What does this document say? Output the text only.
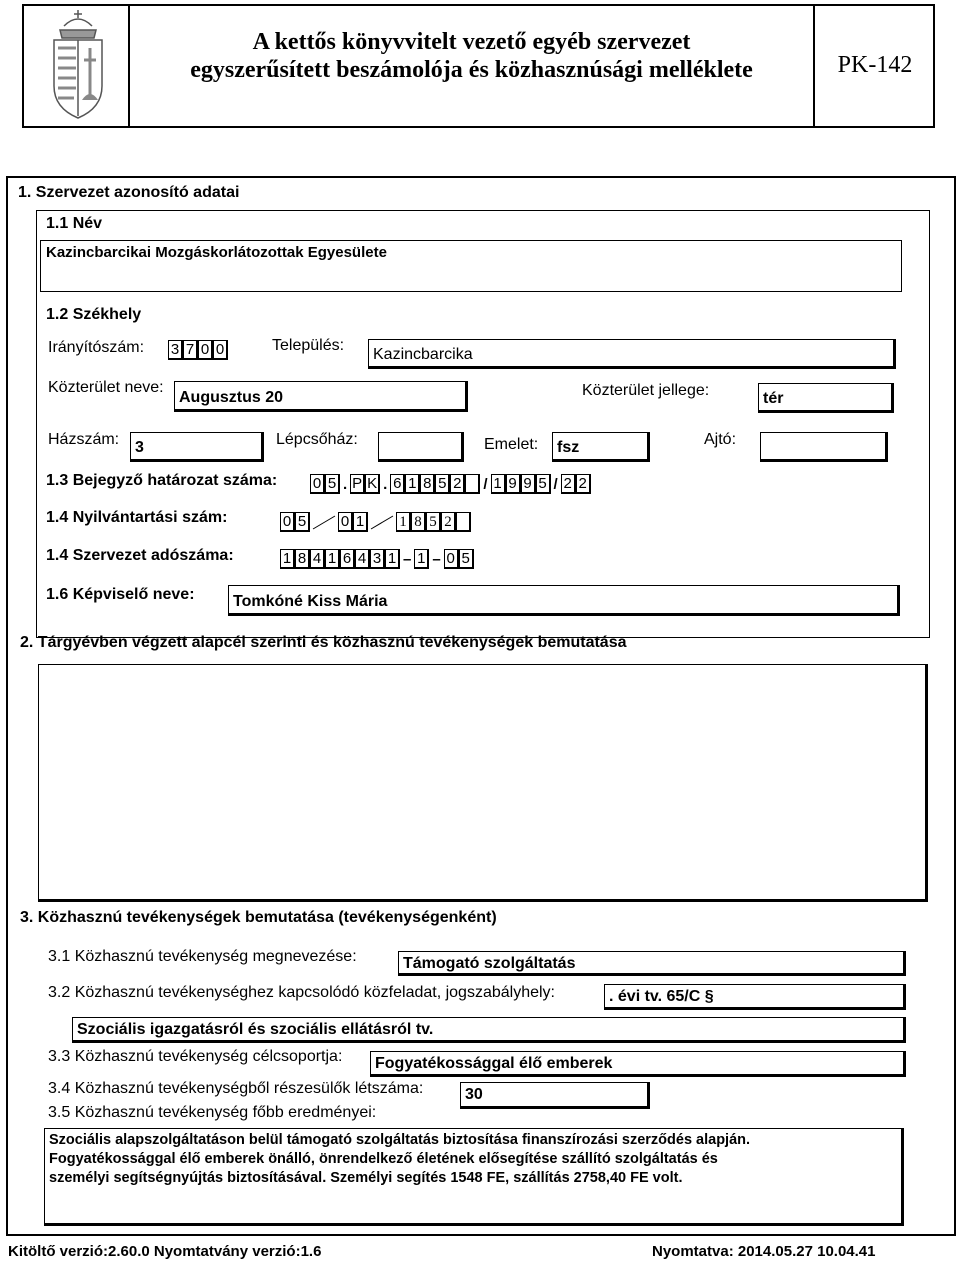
A kettős könyvvitelt vezető egyéb szervezet
egyszerűsített beszámolója és közhasznúsági melléklete	PK-142
1. Szervezet azonosító adatai
1.1 Név
Kazincbarcikai Mozgáskorlátozottak Egyesülete
1.2 Székhely
Irányítószám: 3 7 0 0	Település:
Kazincbarcika
Közterület neve:
Augusztus 20	Közterület jellege:	tér
Házszám: 3	Lépcsőház:	Emelet: fsz	Ajtó:
1.3 Bejegyző határozat száma: 0 5 . P K . 6 1 8 5 2 / 1 9 9 5 / 2 2
1.4 Nyilvántartási szám:	0 5 0 1 1 8 5 2
1.4 Szervezet adószáma:	1 8 4 1 6 4 3 1 – 1 – 0 5
1.6 Képviselő neve: Tomkóné Kiss Mária
2. Tárgyévben végzett alapcél szerinti és közhasznú tevékenységek bemutatása
3. Közhasznú tevékenységek bemutatása (tevékenységenként)
3.1 Közhasznú tevékenység megnevezése:	Támogató szolgáltatás
3.2 Közhasznú tevékenységhez kapcsolódó közfeladat, jogszabályhely:	. évi tv. 65/C §
Szociális igazgatásról és szociális ellátásról tv.
3.3 Közhasznú tevékenység célcsoportja: Fogyatékossággal élő emberek
3.4 Közhasznú tevékenységből részesülők létszáma:	30
3.5 Közhasznú tevékenység főbb eredményei:
Szociális alapszolgáltatáson belül támogató szolgáltatás biztosítása finanszírozási szerződés alapján.
Fogyatékossággal élő emberek önálló, önrendelkező életének elősegítése szállító szolgáltatás és
személyi segítségnyújtás biztosításával. Személyi segítés 1548 FE, szállítás 2758,40 FE volt.
Kitöltő verzió:2.60.0 Nyomtatvány verzió:1.6	Nyomtatva: 2014.05.27 10.04.41
